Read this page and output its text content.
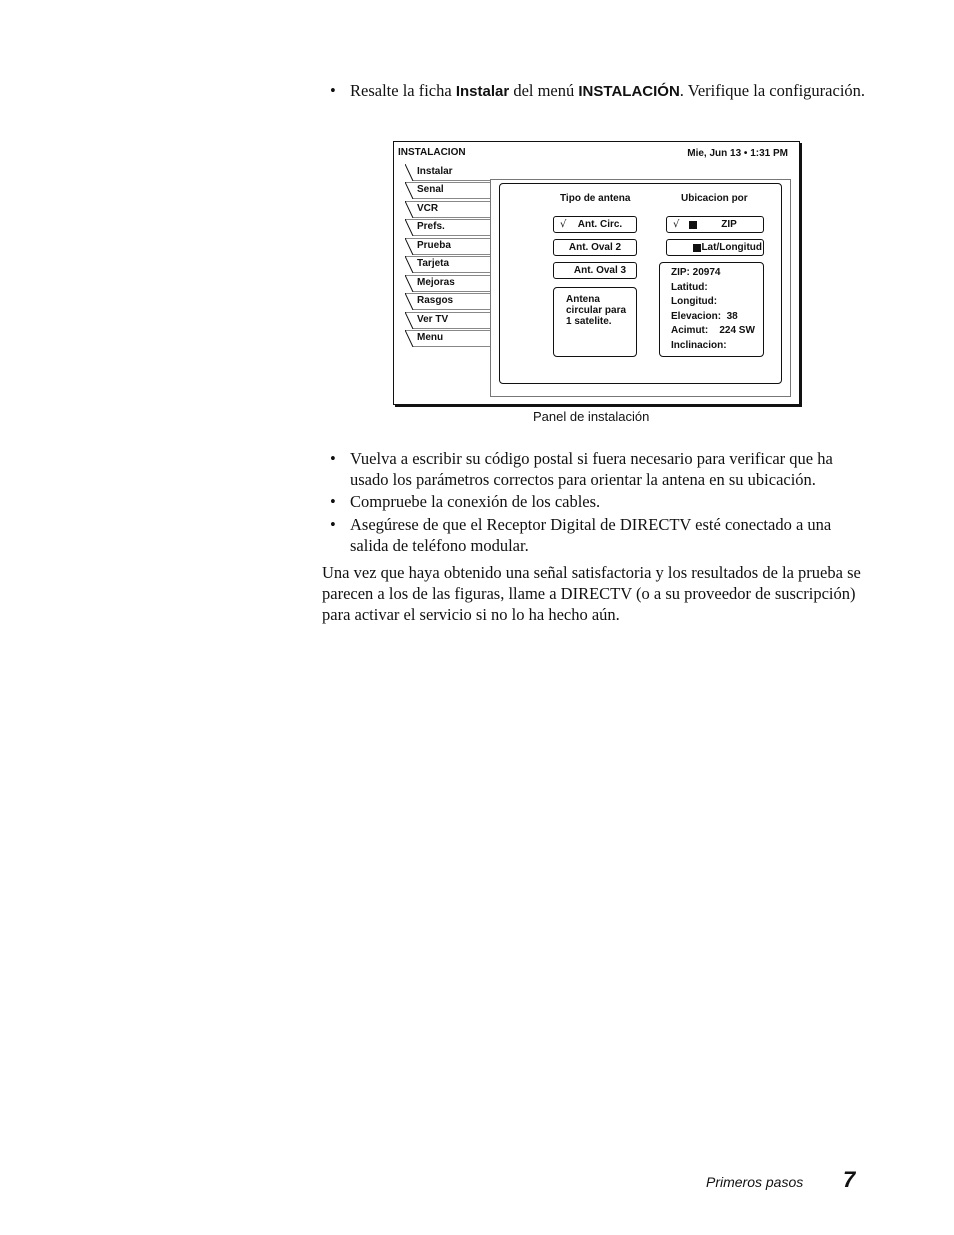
• Resalte la ficha Instalar del menú INSTALACIÓN. Verifique la configuración.
INSTALACION	Mie, Jun 13 • 1:31 PM
Instalar
Senal
VCR
Prefs.
Prueba
Tarjeta
Mejoras
Rasgos
Ver TV
Menu
Tipo de antena	Ubicacion por
√ Ant. Circ.
Ant. Oval 2
Ant. Oval 3
Antena circular para 1 satelite.
√	ZIP
Lat/Longitud
ZIP: 20974
Latitud:
Longitud:
Elevacion:  38
Acimut:    224 SW
Inclinacion:
Panel de instalación
• Vuelva a escribir su código postal si fuera necesario para verificar que ha usado los parámetros correctos para orientar la antena en su ubicación.
• Compruebe la conexión de los cables.
• Asegúrese de que el Receptor Digital de DIRECTV esté conectado a una salida de teléfono modular.
Una vez que haya obtenido una señal satisfactoria y los resultados de la prueba se parecen a los de las figuras, llame a DIRECTV (o a su proveedor de suscripción) para activar el servicio si no lo ha hecho aún.
Primeros pasos 7
